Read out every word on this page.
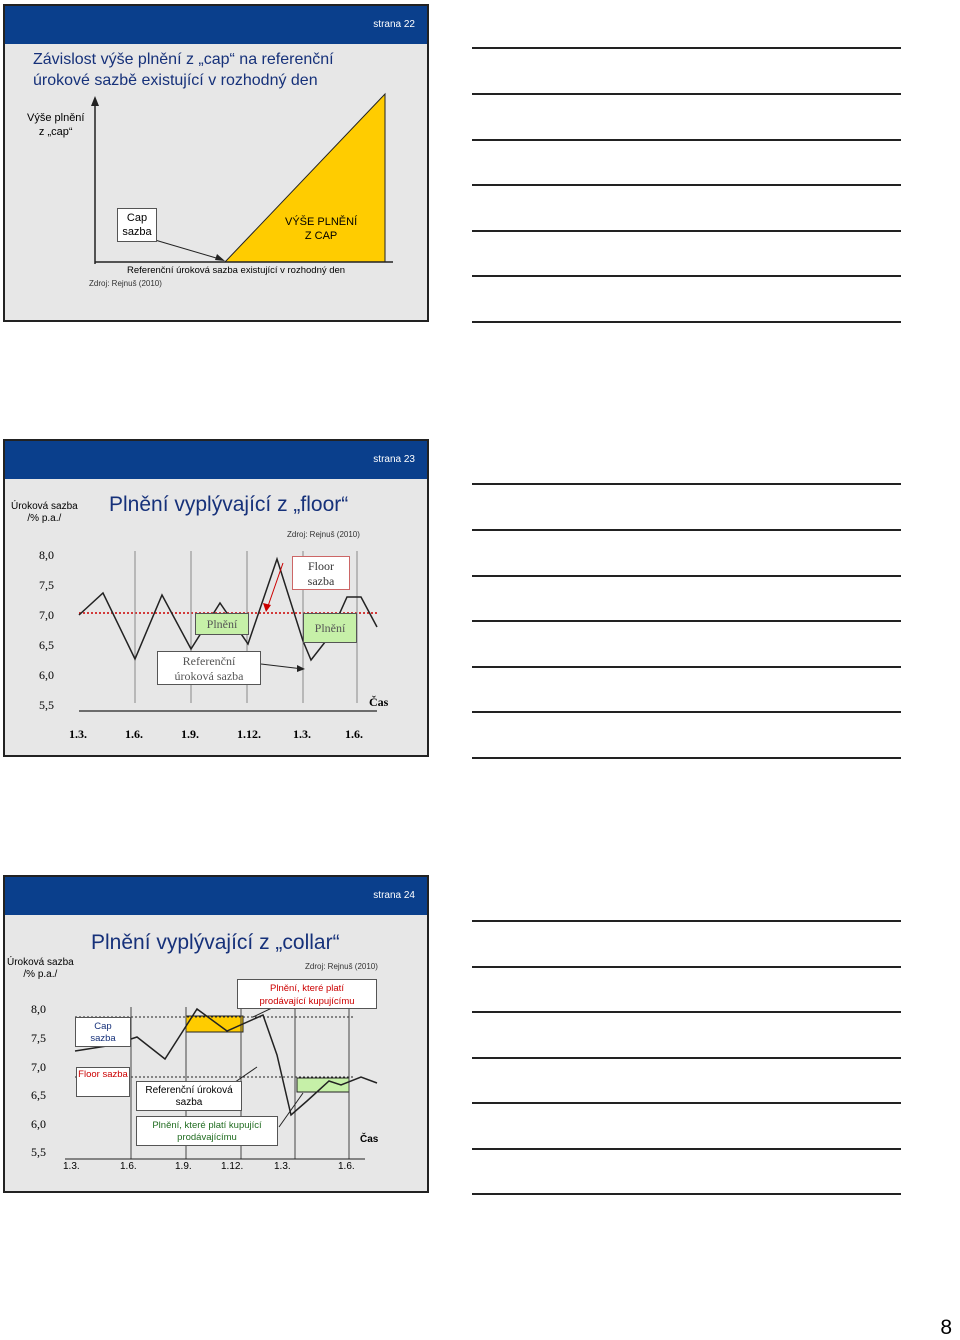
strana 22
Závislost výše plnění z „cap“ na referenční
úrokové sazbě existující v rozhodný den
Výše plnění
z „cap“
Cap
sazba
VÝŠE PLNĚNÍ
Z CAP
Referenční úroková sazba existující v rozhodný den
Zdroj: Rejnuš (2010)
strana 23
Úroková sazba
/% p.a./
Plnění vyplývající z „floor“
Zdroj: Rejnuš (2010)
8,0
7,5
7,0
6,5
6,0
5,5
Floor
sazba
Plnění	Plnění
Referenční
úroková sazba
Čas
1.3.	1.6.	1.9.	1.12.	1.3.	1.6.
strana 24
Plnění vyplývající z „collar“
Úroková sazba
/% p.a./
Zdroj: Rejnuš (2010)
8,0
7,5
7,0
6,5
6,0
5,5
Plnění, které platí
prodávající kupujícímu
Cap
sazba
Floor sazba
Referenční úroková
sazba
Plnění, které platí kupující
prodávajícímu	Čas
1.3.	1.6.	1.9.	1.12.	1.3.	1.6.
8
